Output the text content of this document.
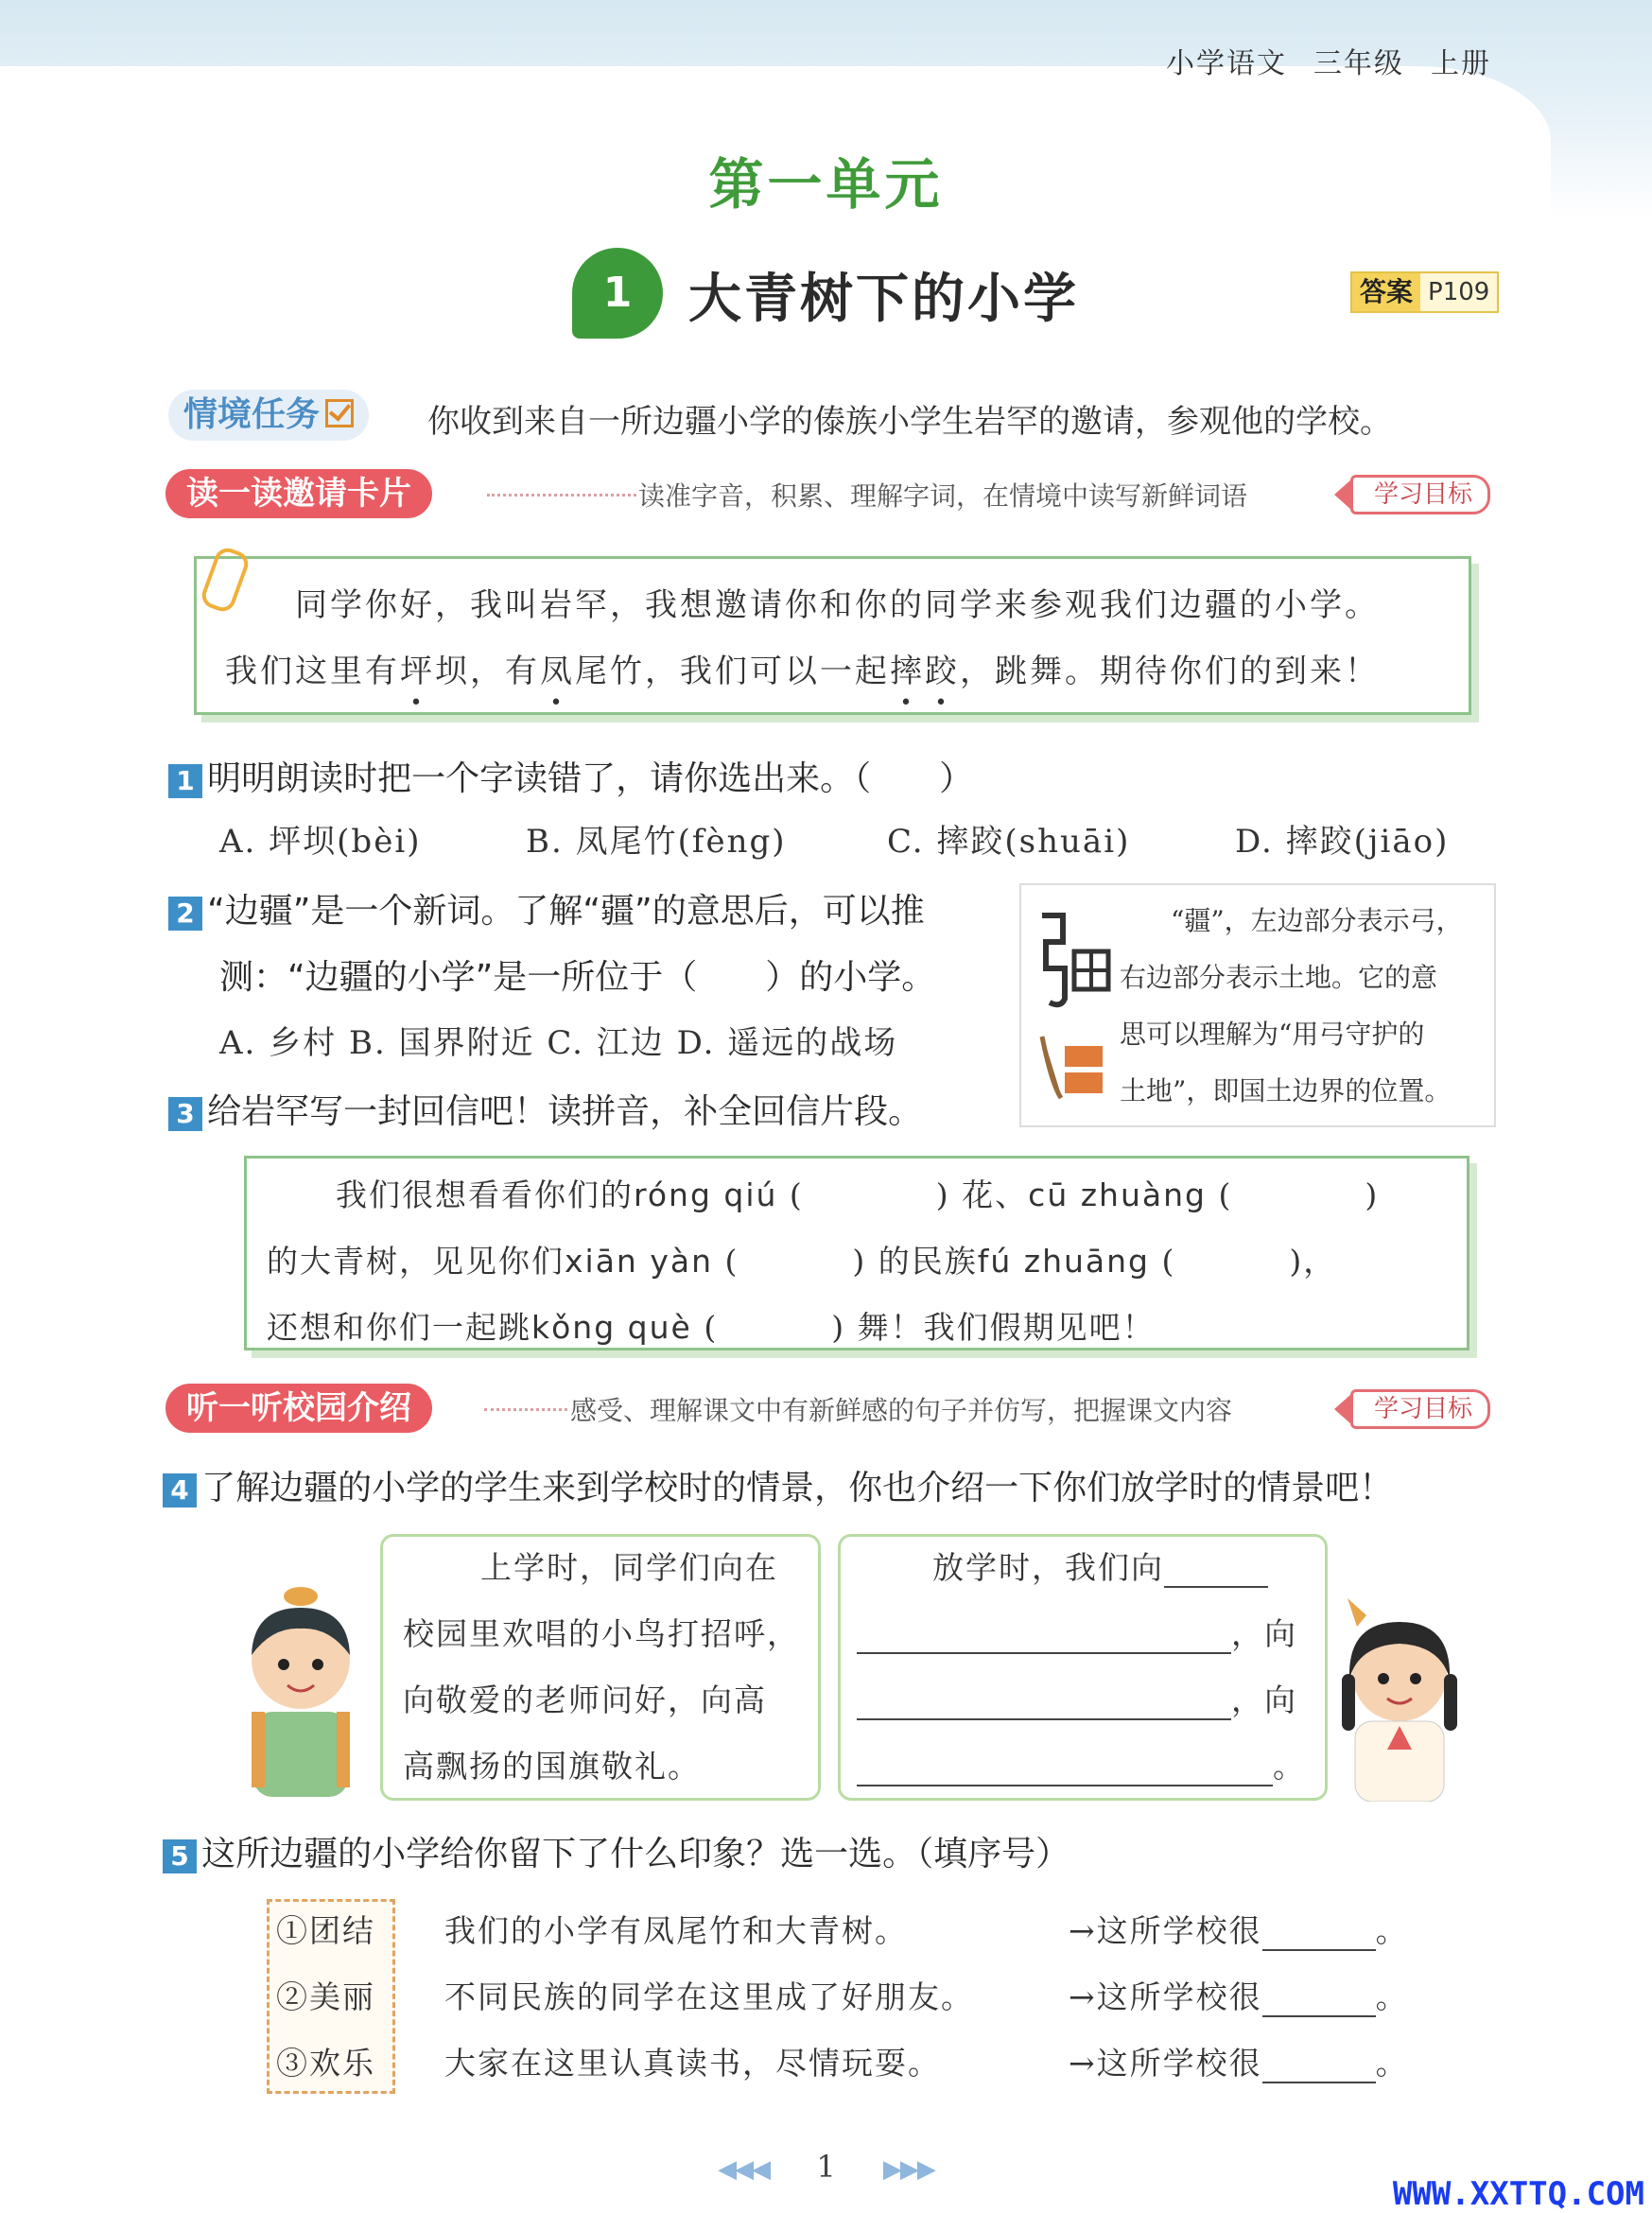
小学语文 三年级 上册
第一单元
1	大青树下的小学	答案 P109
情境任务	你收到来自一所边疆小学的傣族小学生岩罕的邀请，参观他的学校。
读一读邀请卡片	读准字音，积累、理解字词，在情境中读写新鲜词语	学习目标
同学你好，我叫岩罕，我想邀请你和你的同学来参观我们边疆的小学。
我们这里有坪坝，有凤尾竹，我们可以一起摔跤，跳舞。期待你们的到来！
1 明明朗读时把一个字读错了，请你选出来。（　　）
A. 坪坝(bèi)	B. 凤尾竹(fèng)	C. 摔跤(shuāi)	D. 摔跤(jiāo)
2 “边疆”是一个新词。了解“疆”的意思后，可以推
测：“边疆的小学”是一所位于（　　）的小学。
A. 乡村 B. 国界附近 C. 江边 D. 遥远的战场
“疆”，左边部分表示弓，
右边部分表示土地。它的意
思可以理解为“用弓守护的
土地”，即国土边界的位置。
3 给岩罕写一封回信吧！读拼音，补全回信片段。
我们很想看看你们的róng qiú (	) 花、cū zhuàng (	)
的大青树，见见你们xiān yàn (	) 的民族fú zhuāng (	)，
还想和你们一起跳kǒng què (	) 舞！我们假期见吧！
听一听校园介绍	感受、理解课文中有新鲜感的句子并仿写，把握课文内容	学习目标
4 了解边疆的小学的学生来到学校时的情景，你也介绍一下你们放学时的情景吧！
上学时，同学们向在
校园里欢唱的小鸟打招呼，
向敬爱的老师问好，向高
高飘扬的国旗敬礼。
放学时，我们向
，向
，向
。
5 这所边疆的小学给你留下了什么印象？选一选。（填序号）
①团结
②美丽
③欢乐
我们的小学有凤尾竹和大青树。
不同民族的同学在这里成了好朋友。
大家在这里认真读书，尽情玩耍。
→这所学校很	。
→这所学校很	。
→这所学校很	。
◀◀◀ 1 ▶▶▶
WWW.XXTTQ.COM
